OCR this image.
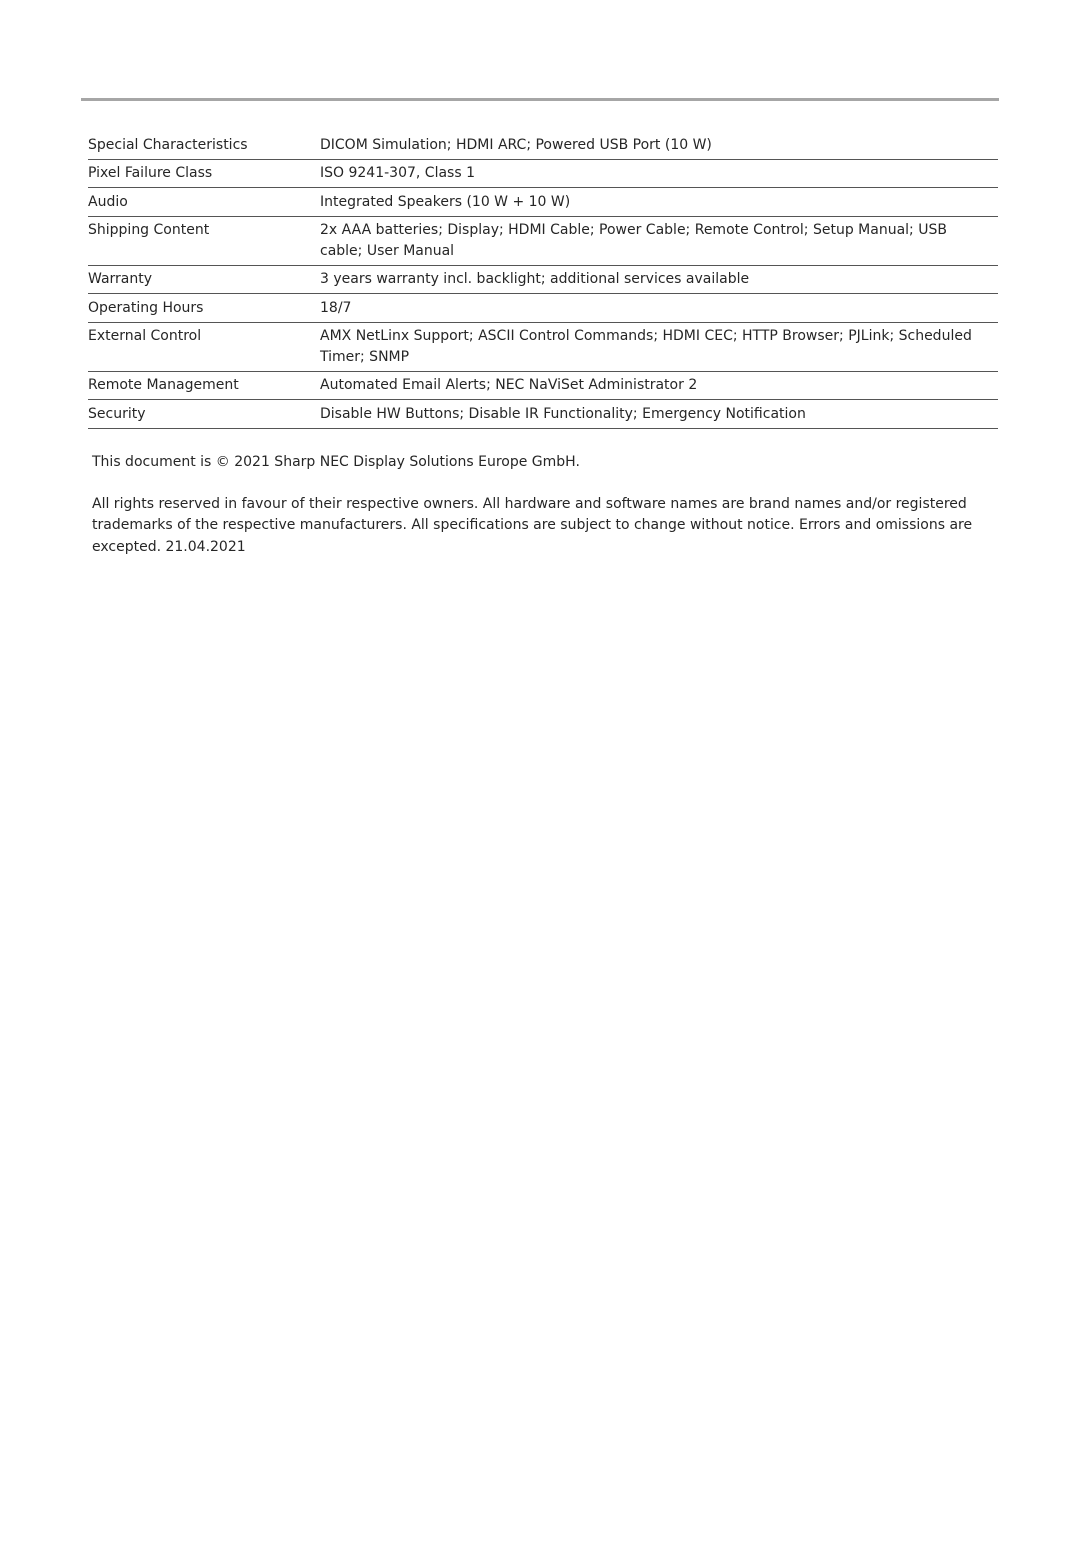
Special Characteristics	DICOM Simulation; HDMI ARC; Powered USB Port (10 W)
Pixel Failure Class	ISO 9241-307, Class 1
Audio	Integrated Speakers (10 W + 10 W)
Shipping Content	2x AAA batteries; Display; HDMI Cable; Power Cable; Remote Control; Setup Manual; USB cable; User Manual
Warranty	3 years warranty incl. backlight; additional services available
Operating Hours	18/7
External Control	AMX NetLinx Support; ASCII Control Commands; HDMI CEC; HTTP Browser; PJLink; Scheduled Timer; SNMP
Remote Management	Automated Email Alerts; NEC NaViSet Administrator 2
Security	Disable HW Buttons; Disable IR Functionality; Emergency Notification

This document is © 2021 Sharp NEC Display Solutions Europe GmbH.

All rights reserved in favour of their respective owners. All hardware and software names are brand names and/or registered trademarks of the respective manufacturers. All specifications are subject to change without notice. Errors and omissions are excepted. 21.04.2021
